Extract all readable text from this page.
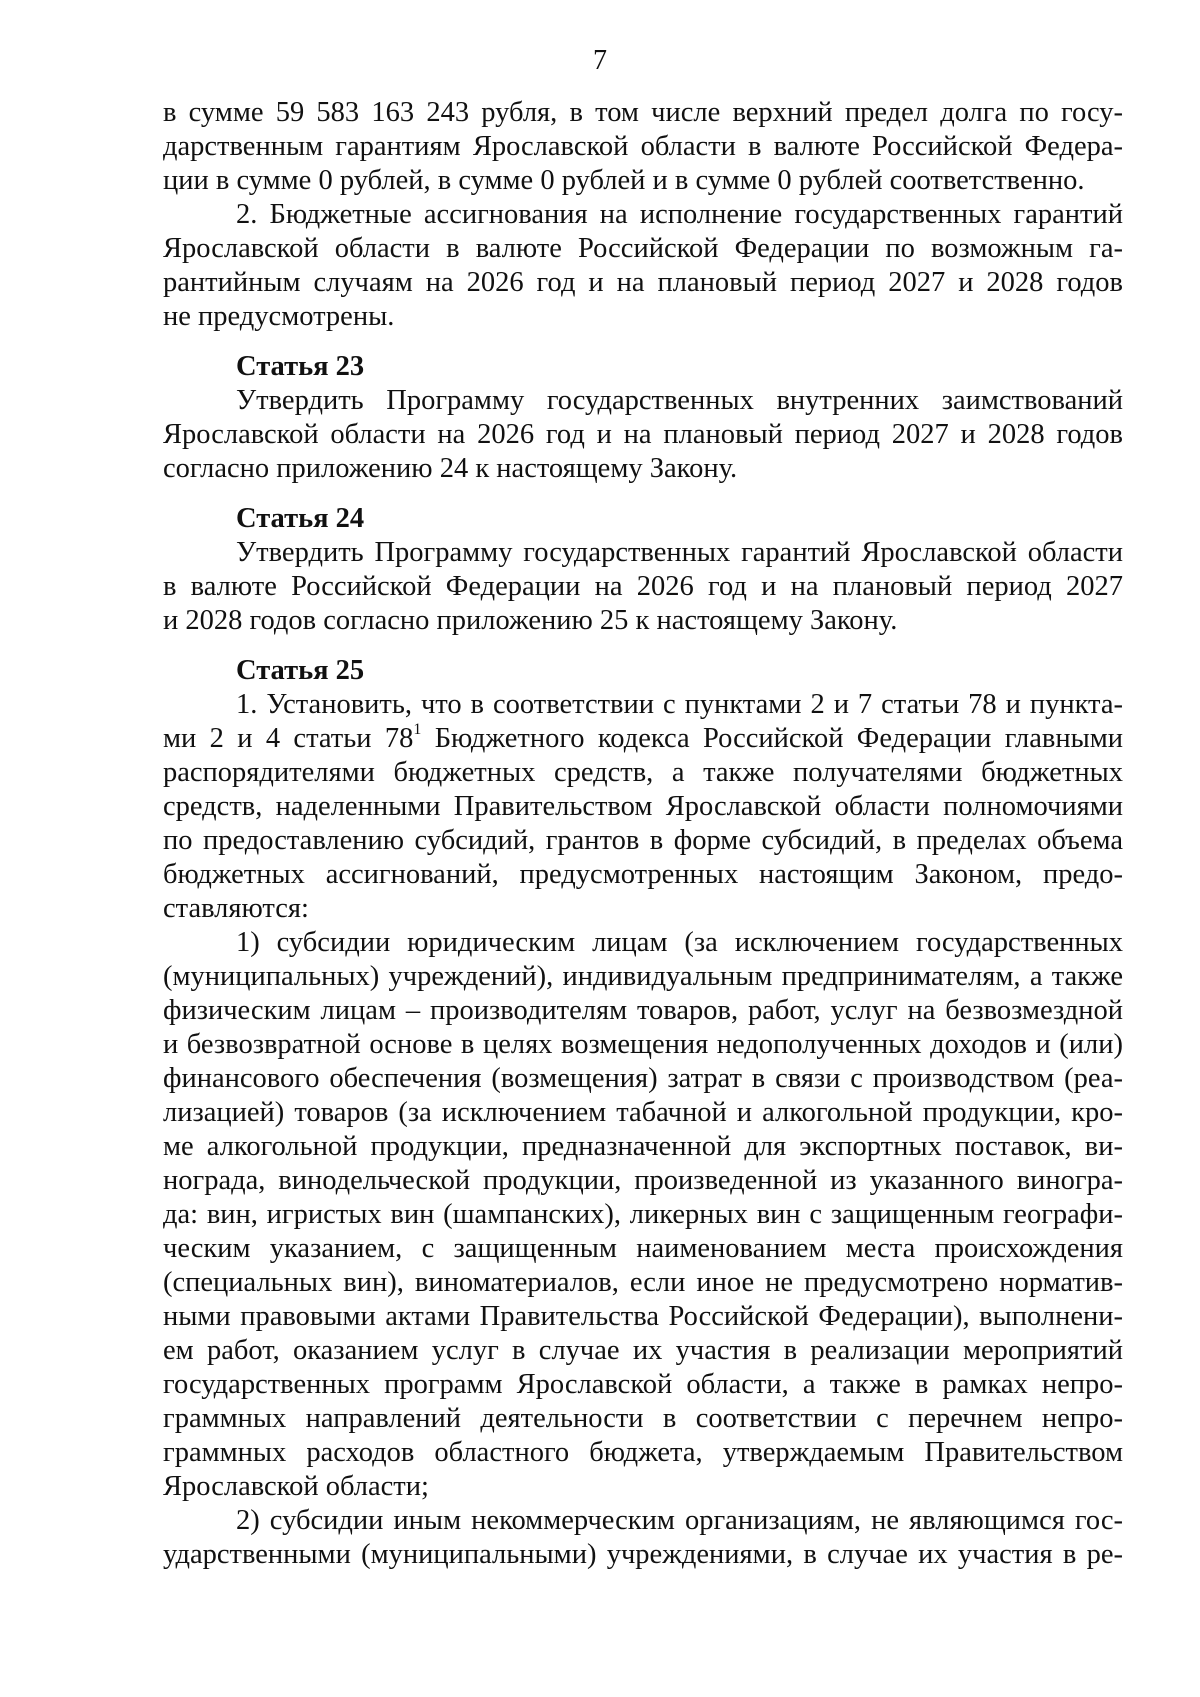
7
в сумме 59 583 163 243 рубля, в том числе верхний предел долга по госу-
дарственным гарантиям Ярославской области в валюте Российской Федера-
ции в сумме 0 рублей, в сумме 0 рублей и в сумме 0 рублей соответственно.
2. Бюджетные ассигнования на исполнение государственных гарантий
Ярославской области в валюте Российской Федерации по возможным га-
рантийным случаям на 2026 год и на плановый период 2027 и 2028 годов
не предусмотрены.
Статья 23
Утвердить Программу государственных внутренних заимствований
Ярославской области на 2026 год и на плановый период 2027 и 2028 годов
согласно приложению 24 к настоящему Закону.
Статья 24
Утвердить Программу государственных гарантий Ярославской области
в валюте Российской Федерации на 2026 год и на плановый период 2027
и 2028 годов согласно приложению 25 к настоящему Закону.
Статья 25
1. Установить, что в соответствии с пунктами 2 и 7 статьи 78 и пункта-
ми 2 и 4 статьи $78^1$ Бюджетного кодекса Российской Федерации главными
распорядителями бюджетных средств, а также получателями бюджетных
средств, наделенными Правительством Ярославской области полномочиями
по предоставлению субсидий, грантов в форме субсидий, в пределах объема
бюджетных ассигнований, предусмотренных настоящим Законом, предо-
ставляются:
1) субсидии юридическим лицам (за исключением государственных
(муниципальных) учреждений), индивидуальным предпринимателям, а также
физическим лицам – производителям товаров, работ, услуг на безвозмездной
и безвозвратной основе в целях возмещения недополученных доходов и (или)
финансового обеспечения (возмещения) затрат в связи с производством (реа-
лизацией) товаров (за исключением табачной и алкогольной продукции, кро-
ме алкогольной продукции, предназначенной для экспортных поставок, ви-
нограда, винодельческой продукции, произведенной из указанного виногра-
да: вин, игристых вин (шампанских), ликерных вин с защищенным географи-
ческим указанием, с защищенным наименованием места происхождения
(специальных вин), виноматериалов, если иное не предусмотрено норматив-
ными правовыми актами Правительства Российской Федерации), выполнени-
ем работ, оказанием услуг в случае их участия в реализации мероприятий
государственных программ Ярославской области, а также в рамках непро-
граммных направлений деятельности в соответствии с перечнем непро-
граммных расходов областного бюджета, утверждаемым Правительством
Ярославской области;
2) субсидии иным некоммерческим организациям, не являющимся гос-
ударственными (муниципальными) учреждениями, в случае их участия в ре-
